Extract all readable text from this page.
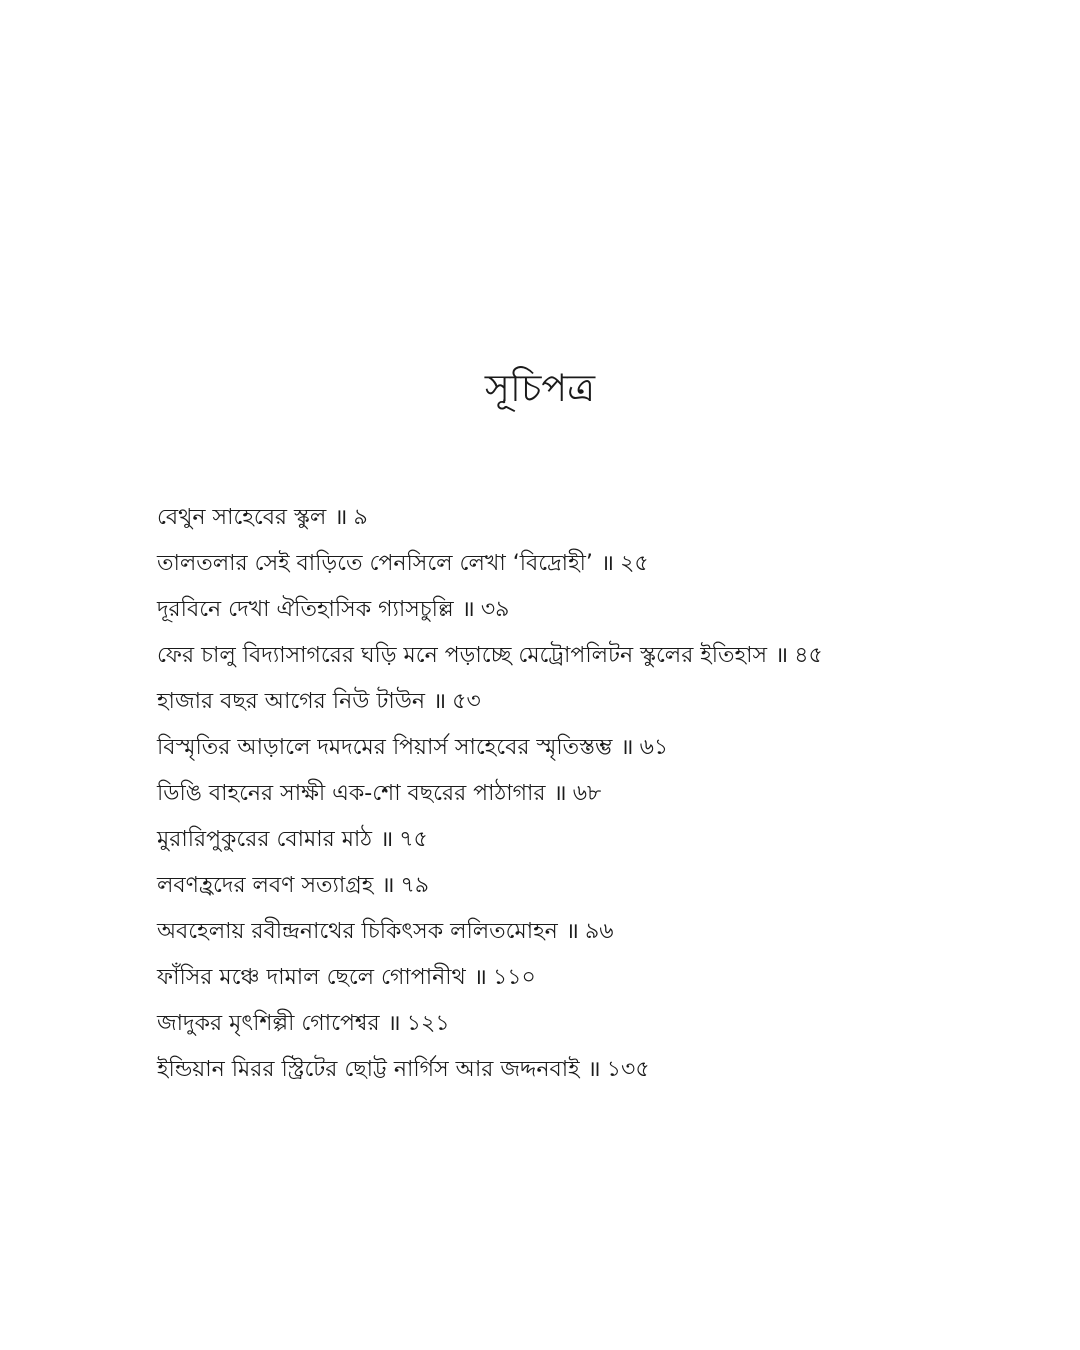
সূচিপত্র
বেথুন সাহেবের স্কুল ॥ ৯
তালতলার সেই বাড়িতে পেনসিলে লেখা ‘বিদ্রোহী’ ॥ ২৫
দূরবিনে দেখা ঐতিহাসিক গ্যাসচুল্লি ॥ ৩৯
ফের চালু বিদ্যাসাগরের ঘড়ি মনে পড়াচ্ছে মেট্রোপলিটন স্কুলের ইতিহাস ॥ ৪৫
হাজার বছর আগের নিউ টাউন ॥ ৫৩
বিস্মৃতির আড়ালে দমদমের পিয়ার্স সাহেবের স্মৃতিস্তম্ভ ॥ ৬১
ডিঙি বাহনের সাক্ষী এক-শো বছরের পাঠাগার ॥ ৬৮
মুরারিপুকুরের বোমার মাঠ ॥ ৭৫
লবণহ্রদের লবণ সত্যাগ্রহ ॥ ৭৯
অবহেলায় রবীন্দ্রনাথের চিকিৎসক ললিতমোহন ॥ ৯৬
ফাঁসির মঞ্চে দামাল ছেলে গোপানীথ ॥ ১১০
জাদুকর মৃৎশিল্পী গোপেশ্বর ॥ ১২১
ইন্ডিয়ান মিরর স্ট্রিটের ছোট্ট নার্গিস আর জদ্দনবাই ॥ ১৩৫
